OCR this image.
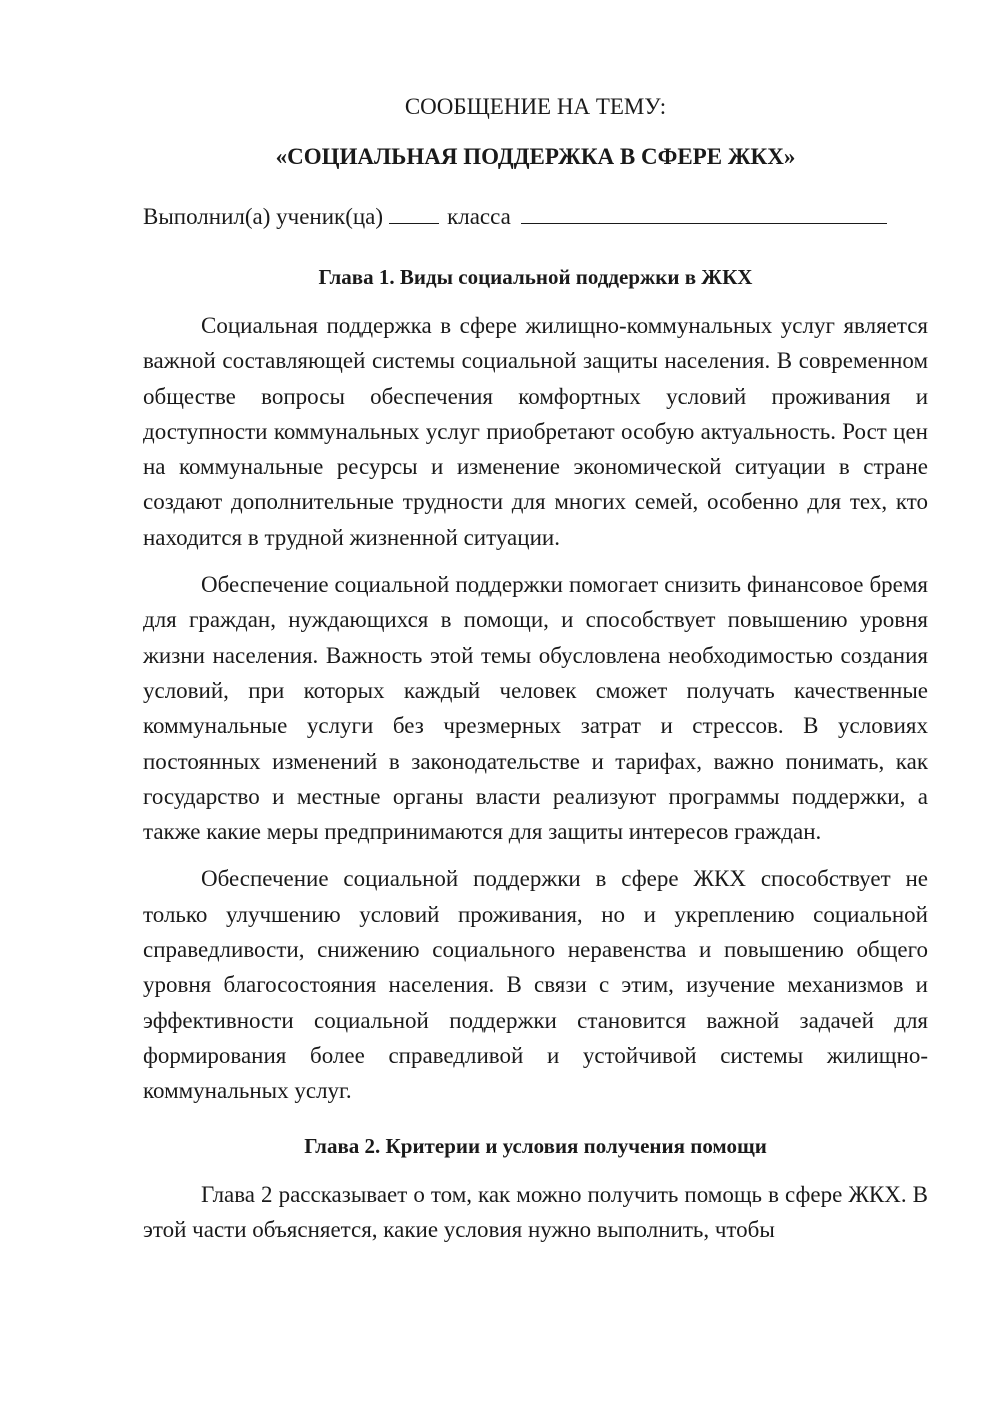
СООБЩЕНИЕ НА ТЕМУ:
«СОЦИАЛЬНАЯ ПОДДЕРЖКА В СФЕРЕ ЖКХ»

Выполнил(а) ученик(ца)	класса

Глава 1. Виды социальной поддержки в ЖКХ

Социальная поддержка в сфере жилищно-коммунальных услуг является важной составляющей системы социальной защиты населения. В современном обществе вопросы обеспечения комфортных условий проживания и доступности коммунальных услуг приобретают особую актуальность. Рост цен на коммунальные ресурсы и изменение экономической ситуации в стране создают дополнительные трудности для многих семей, особенно для тех, кто находится в трудной жизненной ситуации.

Обеспечение социальной поддержки помогает снизить финансовое бремя для граждан, нуждающихся в помощи, и способствует повышению уровня жизни населения. Важность этой темы обусловлена необходимостью создания условий, при которых каждый человек сможет получать качественные коммунальные услуги без чрезмерных затрат и стрессов. В условиях постоянных изменений в законодательстве и тарифах, важно понимать, как государство и местные органы власти реализуют программы поддержки, а также какие меры предпринимаются для защиты интересов граждан.

Обеспечение социальной поддержки в сфере ЖКХ способствует не только улучшению условий проживания, но и укреплению социальной справедливости, снижению социального неравенства и повышению общего уровня благосостояния населения. В связи с этим, изучение механизмов и эффективности социальной поддержки становится важной задачей для формирования более справедливой и устойчивой системы жилищно-коммунальных услуг.

Глава 2. Критерии и условия получения помощи

Глава 2 рассказывает о том, как можно получить помощь в сфере ЖКХ. В этой части объясняется, какие условия нужно выполнить, чтобы
